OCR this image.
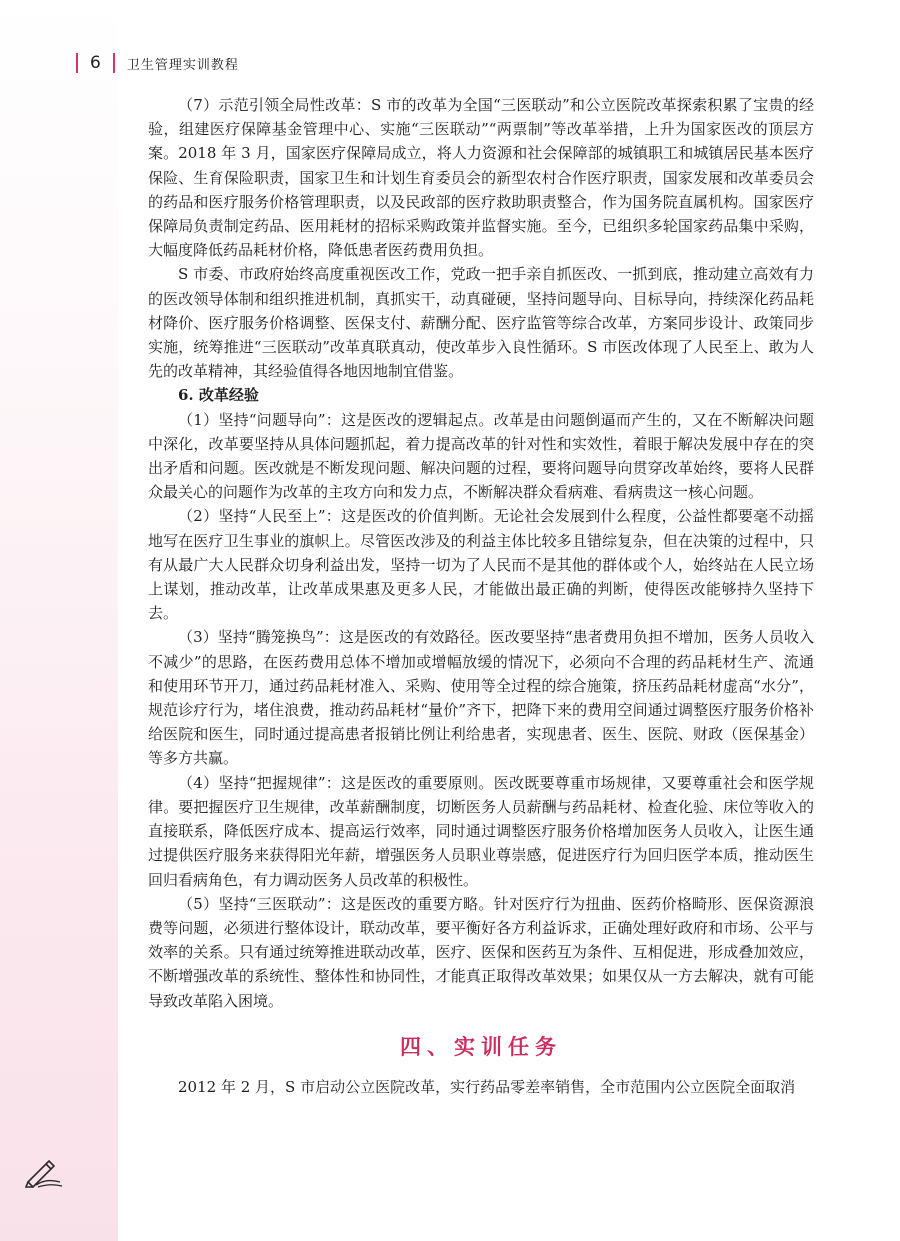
6 卫生管理实训教程

（7）示范引领全局性改革：S 市的改革为全国“三医联动”和公立医院改革探索积累了宝贵的经验，组建医疗保障基金管理中心、实施“三医联动”“两票制”等改革举措，上升为国家医改的顶层方案。2018 年 3 月，国家医疗保障局成立，将人力资源和社会保障部的城镇职工和城镇居民基本医疗保险、生育保险职责，国家卫生和计划生育委员会的新型农村合作医疗职责，国家发展和改革委员会的药品和医疗服务价格管理职责，以及民政部的医疗救助职责整合，作为国务院直属机构。国家医疗保障局负责制定药品、医用耗材的招标采购政策并监督实施。至今，已组织多轮国家药品集中采购，大幅度降低药品耗材价格，降低患者医药费用负担。

S 市委、市政府始终高度重视医改工作，党政一把手亲自抓医改、一抓到底，推动建立高效有力的医改领导体制和组织推进机制，真抓实干，动真碰硬，坚持问题导向、目标导向，持续深化药品耗材降价、医疗服务价格调整、医保支付、薪酬分配、医疗监管等综合改革，方案同步设计、政策同步实施，统筹推进“三医联动”改革真联真动，使改革步入良性循环。S 市医改体现了人民至上、敢为人先的改革精神，其经验值得各地因地制宜借鉴。

6. 改革经验

（1）坚持“问题导向”：这是医改的逻辑起点。改革是由问题倒逼而产生的，又在不断解决问题中深化，改革要坚持从具体问题抓起，着力提高改革的针对性和实效性，着眼于解决发展中存在的突出矛盾和问题。医改就是不断发现问题、解决问题的过程，要将问题导向贯穿改革始终，要将人民群众最关心的问题作为改革的主攻方向和发力点，不断解决群众看病难、看病贵这一核心问题。

（2）坚持“人民至上”：这是医改的价值判断。无论社会发展到什么程度，公益性都要毫不动摇地写在医疗卫生事业的旗帜上。尽管医改涉及的利益主体比较多且错综复杂，但在决策的过程中，只有从最广大人民群众切身利益出发，坚持一切为了人民而不是其他的群体或个人，始终站在人民立场上谋划，推动改革，让改革成果惠及更多人民，才能做出最正确的判断，使得医改能够持久坚持下去。

（3）坚持“腾笼换鸟”：这是医改的有效路径。医改要坚持“患者费用负担不增加，医务人员收入不减少”的思路，在医药费用总体不增加或增幅放缓的情况下，必须向不合理的药品耗材生产、流通和使用环节开刀，通过药品耗材准入、采购、使用等全过程的综合施策，挤压药品耗材虚高“水分”，规范诊疗行为，堵住浪费，推动药品耗材“量价”齐下，把降下来的费用空间通过调整医疗服务价格补给医院和医生，同时通过提高患者报销比例让利给患者，实现患者、医生、医院、财政（医保基金）等多方共赢。

（4）坚持“把握规律”：这是医改的重要原则。医改既要尊重市场规律，又要尊重社会和医学规律。要把握医疗卫生规律，改革薪酬制度，切断医务人员薪酬与药品耗材、检查化验、床位等收入的直接联系，降低医疗成本、提高运行效率，同时通过调整医疗服务价格增加医务人员收入，让医生通过提供医疗服务来获得阳光年薪，增强医务人员职业尊崇感，促进医疗行为回归医学本质，推动医生回归看病角色，有力调动医务人员改革的积极性。

（5）坚持“三医联动”：这是医改的重要方略。针对医疗行为扭曲、医药价格畸形、医保资源浪费等问题，必须进行整体设计，联动改革，要平衡好各方利益诉求，正确处理好政府和市场、公平与效率的关系。只有通过统筹推进联动改革，医疗、医保和医药互为条件、互相促进，形成叠加效应，不断增强改革的系统性、整体性和协同性，才能真正取得改革效果；如果仅从一方去解决，就有可能导致改革陷入困境。

四、实训任务

2012 年 2 月，S 市启动公立医院改革，实行药品零差率销售，全市范围内公立医院全面取消
